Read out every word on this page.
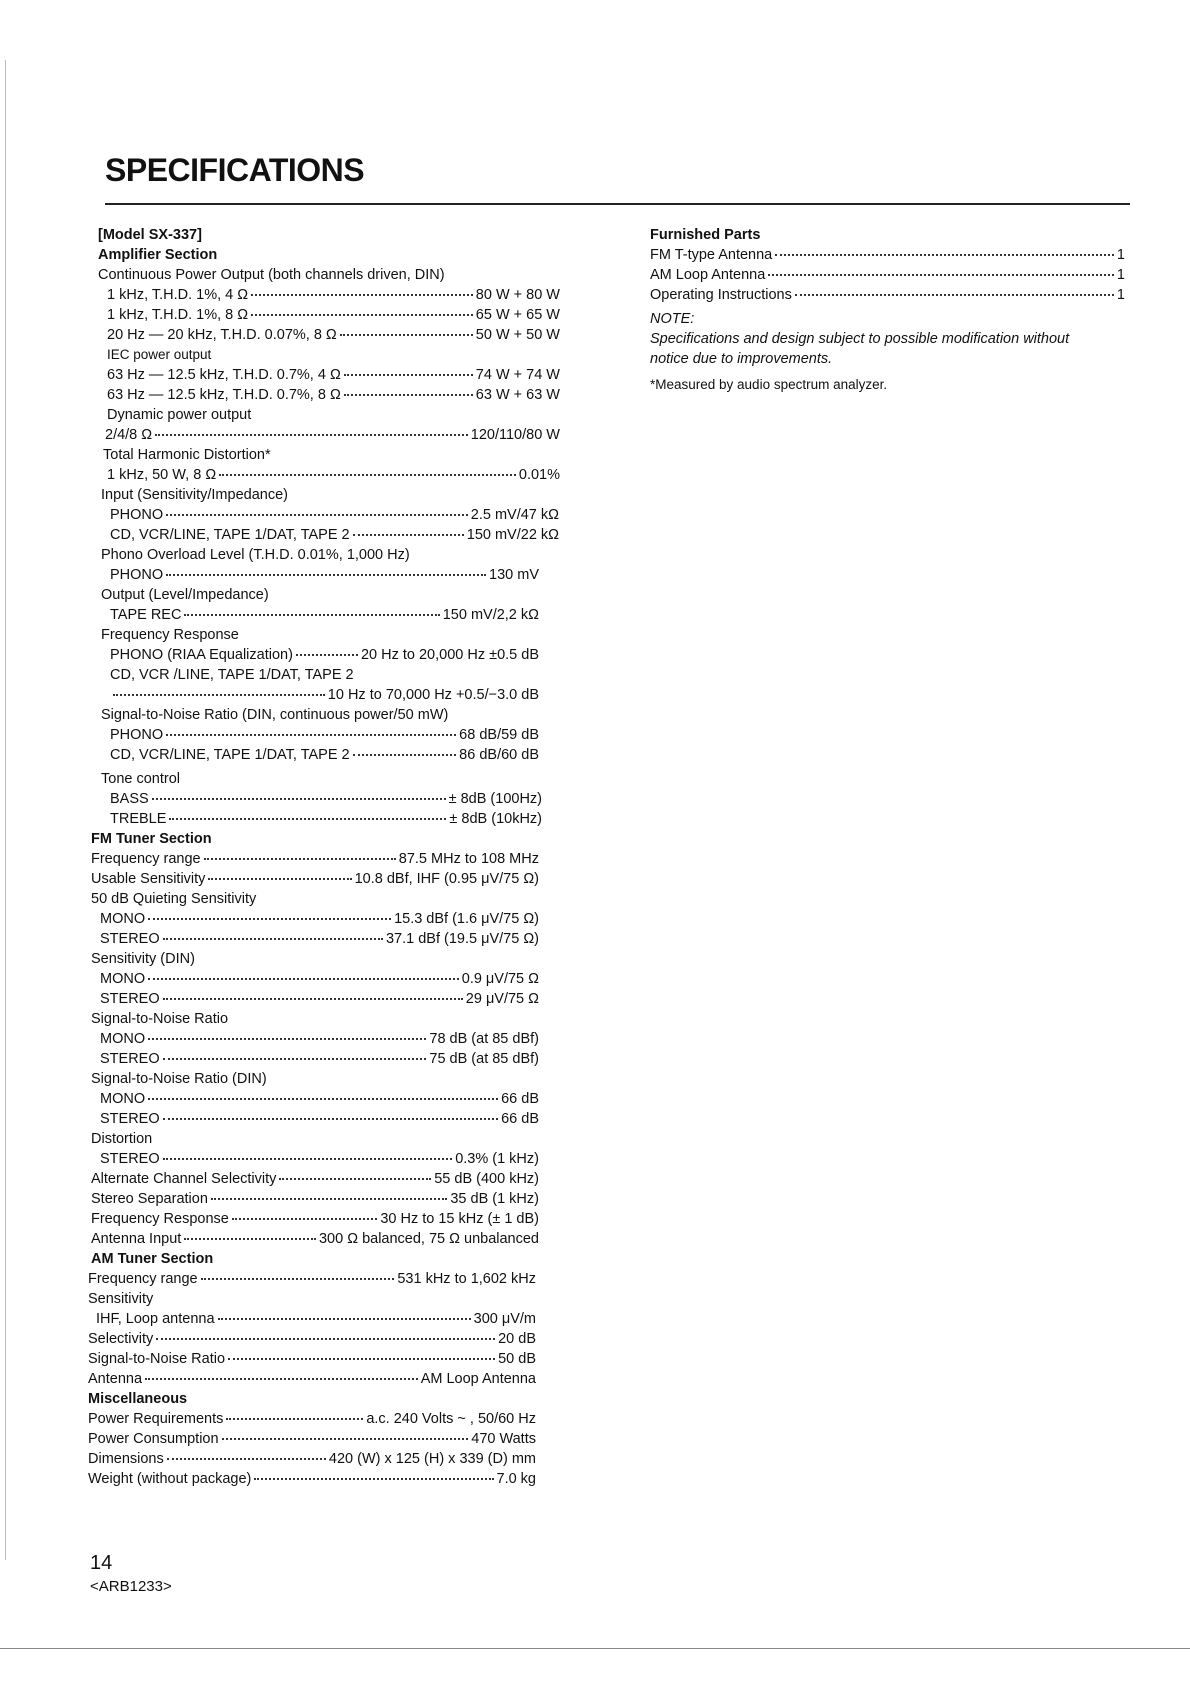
SPECIFICATIONS
[Model SX-337]
Amplifier Section
Continuous Power Output (both channels driven, DIN)
1 kHz, T.H.D. 1%, 4 Ω	80 W + 80 W
1 kHz, T.H.D. 1%, 8 Ω	65 W + 65 W
20 Hz — 20 kHz, T.H.D. 0.07%, 8 Ω	50 W + 50 W
IEC power output
63 Hz — 12.5 kHz, T.H.D. 0.7%, 4 Ω	74 W + 74 W
63 Hz — 12.5 kHz, T.H.D. 0.7%, 8 Ω	63 W + 63 W
Dynamic power output
2/4/8 Ω	120/110/80 W
Total Harmonic Distortion*
1 kHz, 50 W, 8 Ω	0.01%
Input (Sensitivity/Impedance)
PHONO	2.5 mV/47 kΩ
CD, VCR/LINE, TAPE 1/DAT, TAPE 2	150 mV/22 kΩ
Phono Overload Level (T.H.D. 0.01%, 1,000 Hz)
PHONO	130 mV
Output (Level/Impedance)
TAPE REC	150 mV/2,2 kΩ
Frequency Response
PHONO (RIAA Equalization)	20 Hz to 20,000 Hz ±0.5 dB
CD, VCR /LINE, TAPE 1/DAT, TAPE 2
10 Hz to 70,000 Hz +0.5/−3.0 dB
Signal-to-Noise Ratio (DIN, continuous power/50 mW)
PHONO	68 dB/59 dB
CD, VCR/LINE, TAPE 1/DAT, TAPE 2	86 dB/60 dB
Tone control
BASS	± 8dB (100Hz)
TREBLE	± 8dB (10kHz)
FM Tuner Section
Frequency range	87.5 MHz to 108 MHz
Usable Sensitivity	10.8 dBf, IHF (0.95 μV/75 Ω)
50 dB Quieting Sensitivity
MONO	15.3 dBf (1.6 μV/75 Ω)
STEREO	37.1 dBf (19.5 μV/75 Ω)
Sensitivity (DIN)
MONO	0.9 μV/75 Ω
STEREO	29 μV/75 Ω
Signal-to-Noise Ratio
MONO	78 dB (at 85 dBf)
STEREO	75 dB (at 85 dBf)
Signal-to-Noise Ratio (DIN)
MONO	66 dB
STEREO	66 dB
Distortion
STEREO	0.3% (1 kHz)
Alternate Channel Selectivity	55 dB (400 kHz)
Stereo Separation	35 dB (1 kHz)
Frequency Response	30 Hz to 15 kHz (± 1 dB)
Antenna Input	300 Ω balanced, 75 Ω unbalanced
AM Tuner Section
Frequency range	531 kHz to 1,602 kHz
Sensitivity
IHF, Loop antenna	300 μV/m
Selectivity	20 dB
Signal-to-Noise Ratio	50 dB
Antenna	AM Loop Antenna
Miscellaneous
Power Requirements	a.c. 240 Volts ~ , 50/60 Hz
Power Consumption	470 Watts
Dimensions	420 (W) x 125 (H) x 339 (D) mm
Weight (without package)	7.0 kg
Furnished Parts
FM T-type Antenna	1
AM Loop Antenna	1
Operating Instructions	1
NOTE:
Specifications and design subject to possible modification without
notice due to improvements.
*Measured by audio spectrum analyzer.
14
<ARB1233>
